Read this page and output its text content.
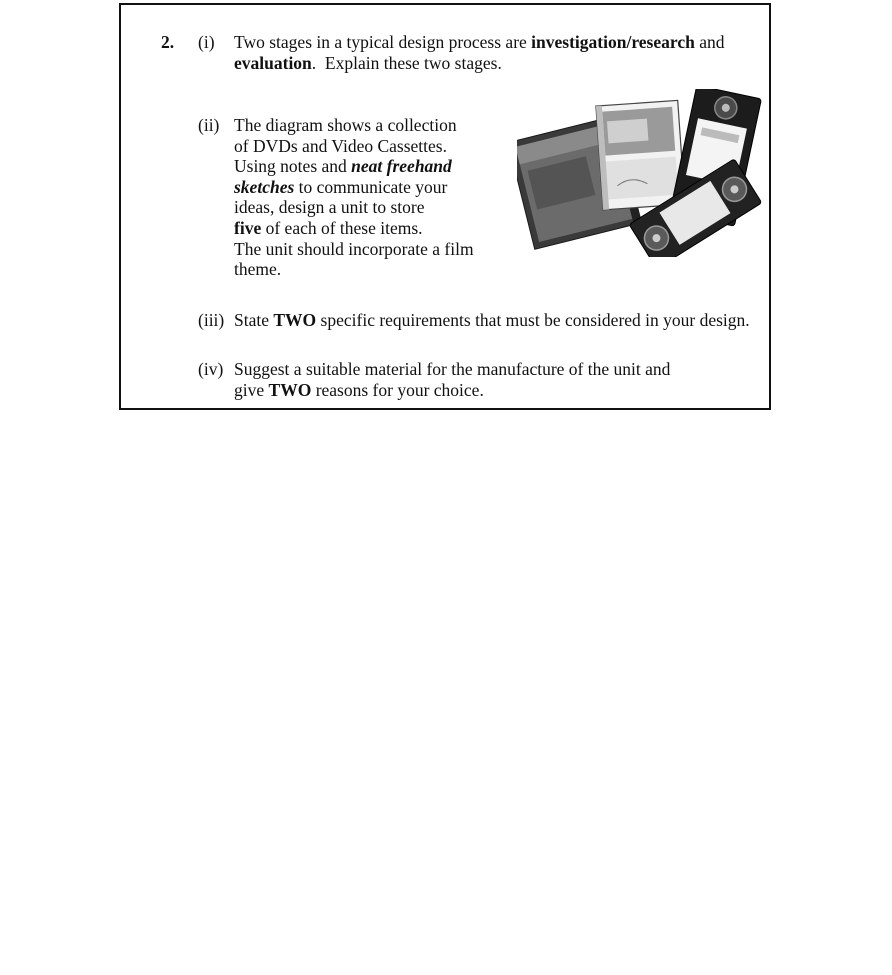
2. (i) Two stages in a typical design process are investigation/research and
evaluation.  Explain these two stages.
(ii) The diagram shows a collection
of DVDs and Video Cassettes.
Using notes and neat freehand
sketches to communicate your
ideas, design a unit to store
five of each of these items.
The unit should incorporate a film
theme.
(iii) State TWO specific requirements that must be considered in your design.
(iv) Suggest a suitable material for the manufacture of the unit and
give TWO reasons for your choice.
